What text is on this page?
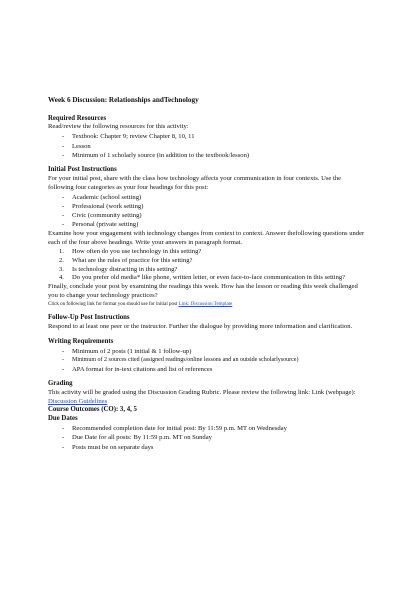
Week 6 Discussion: Relationships andTechnology

Required Resources

Read/review the following resources for this activity:

- Textbook: Chapter 9; review Chapter 8, 10, 11
- Lesson
- Minimum of 1 scholarly source (in addition to the textbook/lesson)

Initial Post Instructions

For your initial post, share with the class how technology affects your communication in four contexts. Use the following four categories as your four headings for this post:

- Academic (school setting)
- Professional (work setting)
- Civic (community setting)
- Personal (private setting)

Examine how your engagement with technology changes from context to context. Answer thefollowing questions under each of the four above headings. Write your answers in paragraph format.

1. How often do you use technology in this setting?
2. What are the rules of practice for this setting?
3. Is technology distracting in this setting?
4. Do you prefer old media* like phone, written letter, or even face-to-face communication in this setting?

Finally, conclude your post by examining the readings this week. How has the lesson or reading this week challenged you to change your technology practices?

Click on following link for format you should use for initial post Link: Discussion Template

Follow-Up Post Instructions

Respond to at least one peer or the instructor. Further the dialogue by providing more information and clarification.

Writing Requirements

- Minimum of 2 posts (1 initial & 1 follow-up)
- Minimum of 2 sources cited (assigned readings/online lessons and an outside scholarlysource)
- APA format for in-text citations and list of references

Grading

This activity will be graded using the Discussion Grading Rubric. Please review the following link: Link (webpage): Discussion Guidelines

Course Outcomes (CO): 3, 4, 5

Due Dates

- Recommended completion date for initial post: By 11:59 p.m. MT on Wednesday
- Due Date for all posts: By 11:59 p.m. MT on Sunday
- Posts must be on separate days
